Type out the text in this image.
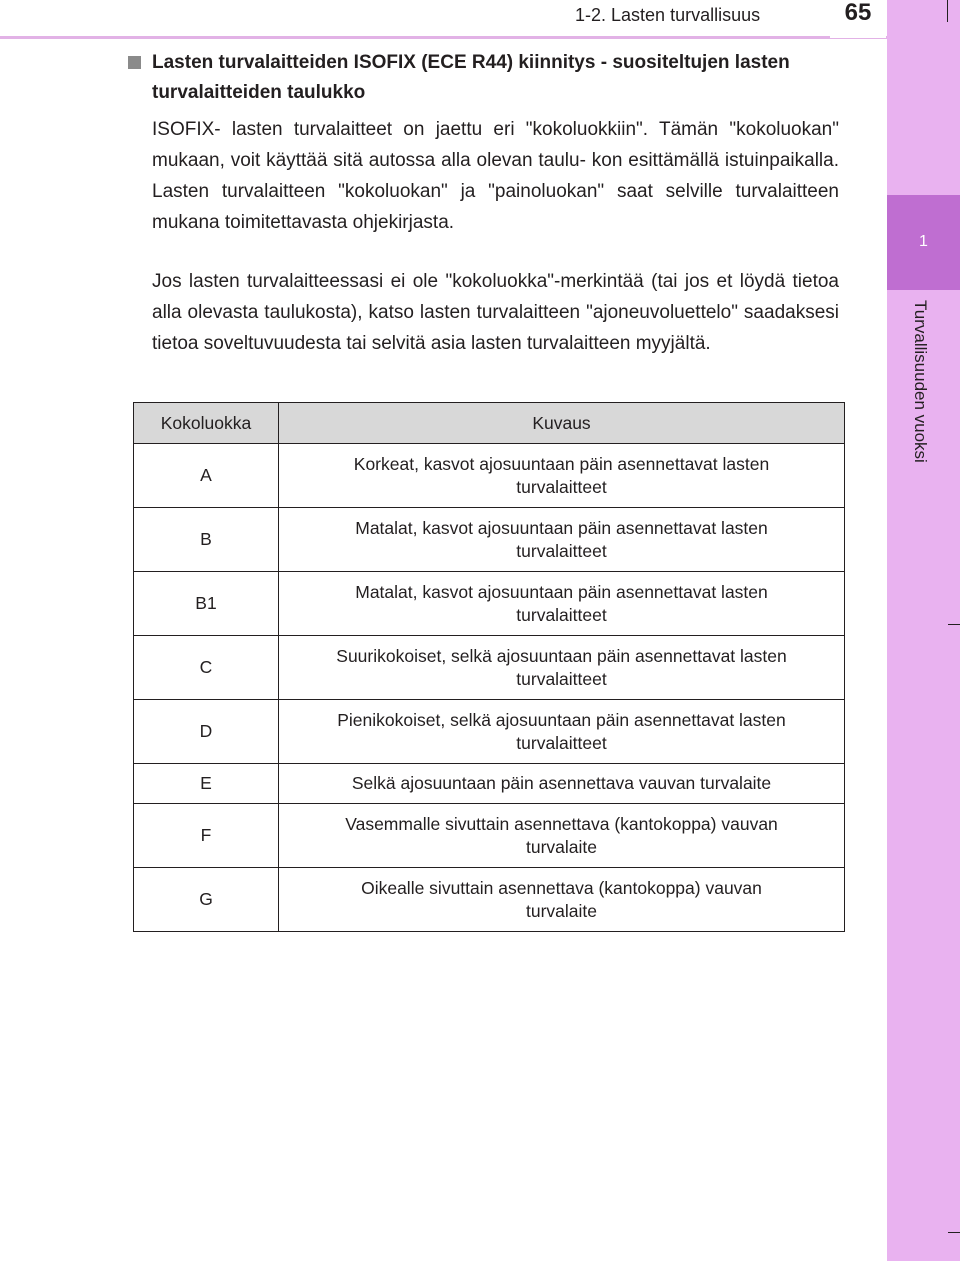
1-2. Lasten turvallisuus	65
1
Turvallisuuden vuoksi
Lasten turvalaitteiden ISOFIX (ECE R44) kiinnitys - suositeltujen lasten turvalaitteiden taulukko
ISOFIX- lasten turvalaitteet on jaettu eri "kokoluokkiin". Tämän "kokoluokan" mukaan, voit käyttää sitä autossa alla olevan taulu- kon esittämällä istuinpaikalla. Lasten turvalaitteen "kokoluokan" ja "painoluokan" saat selville turvalaitteen mukana toimitettavasta ohjekirjasta.
Jos lasten turvalaitteessasi ei ole "kokoluokka"-merkintää (tai jos et löydä tietoa alla olevasta taulukosta), katso lasten turvalaitteen "ajoneuvoluettelo" saadaksesi tietoa soveltuvuudesta tai selvitä asia lasten turvalaitteen myyjältä.
Kokoluokka	Kuvaus
A	Korkeat, kasvot ajosuuntaan päin asennettavat lasten
turvalaitteet
B	Matalat, kasvot ajosuuntaan päin asennettavat lasten
turvalaitteet
B1	Matalat, kasvot ajosuuntaan päin asennettavat lasten
turvalaitteet
C	Suurikokoiset, selkä ajosuuntaan päin asennettavat lasten
turvalaitteet
D	Pienikokoiset, selkä ajosuuntaan päin asennettavat lasten
turvalaitteet
E	Selkä ajosuuntaan päin asennettava vauvan turvalaite
F	Vasemmalle sivuttain asennettava (kantokoppa) vauvan
turvalaite
G	Oikealle sivuttain asennettava (kantokoppa) vauvan
turvalaite
